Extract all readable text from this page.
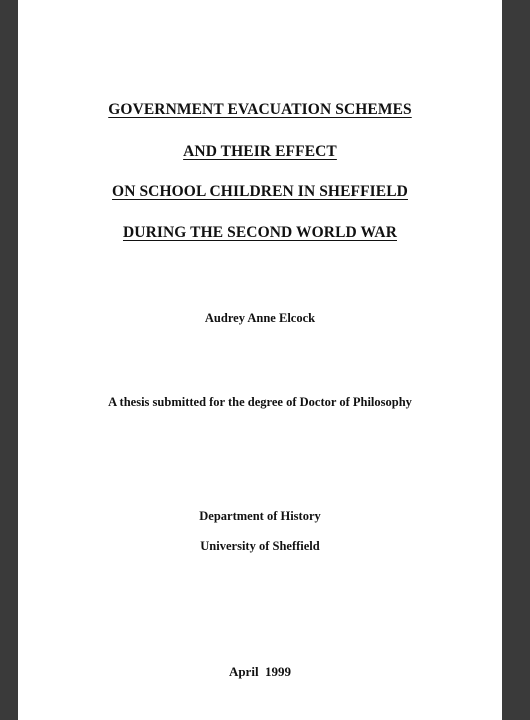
GOVERNMENT EVACUATION SCHEMES
AND THEIR EFFECT
ON SCHOOL CHILDREN IN SHEFFIELD
DURING THE SECOND WORLD WAR
Audrey Anne Elcock
A thesis submitted for the degree of Doctor of Philosophy
Department of History
University of Sheffield
April  1999
